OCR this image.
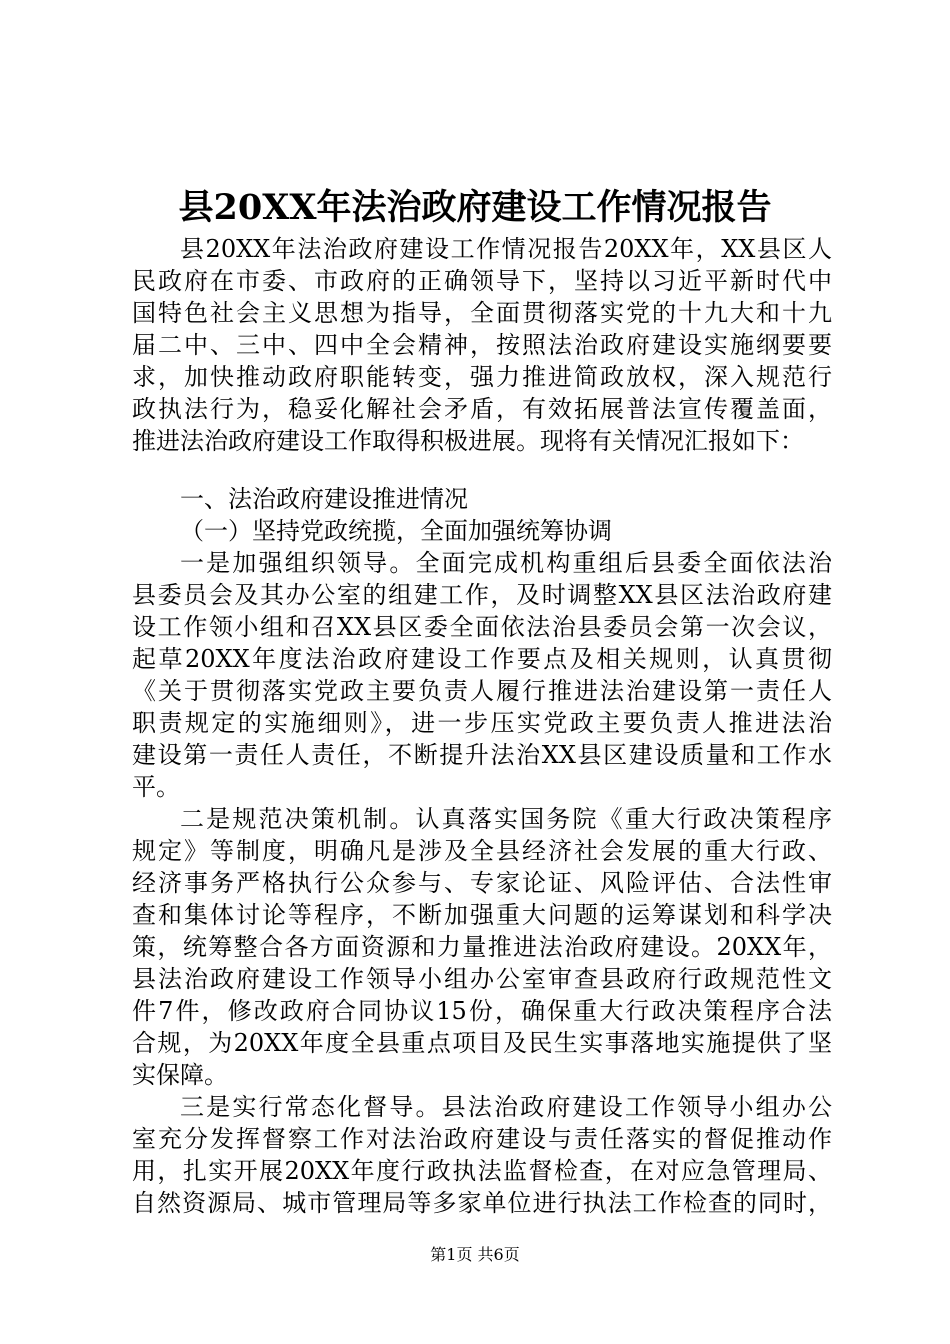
县20XX年法治政府建设工作情况报告
县20XX年法治政府建设工作情况报告20XX年，XX县区人
民政府在市委、市政府的正确领导下，坚持以习近平新时代中
国特色社会主义思想为指导，全面贯彻落实党的十九大和十九
届二中、三中、四中全会精神，按照法治政府建设实施纲要要
求，加快推动政府职能转变，强力推进简政放权，深入规范行
政执法行为，稳妥化解社会矛盾，有效拓展普法宣传覆盖面，
推进法治政府建设工作取得积极进展。现将有关情况汇报如下：
一、法治政府建设推进情况
（一）坚持党政统揽，全面加强统筹协调
一是加强组织领导。全面完成机构重组后县委全面依法治
县委员会及其办公室的组建工作，及时调整XX县区法治政府建
设工作领小组和召XX县区委全面依法治县委员会第一次会议，
起草20XX年度法治政府建设工作要点及相关规则，认真贯彻
《关于贯彻落实党政主要负责人履行推进法治建设第一责任人
职责规定的实施细则》，进一步压实党政主要负责人推进法治
建设第一责任人责任，不断提升法治XX县区建设质量和工作水
平。
二是规范决策机制。认真落实国务院《重大行政决策程序
规定》等制度，明确凡是涉及全县经济社会发展的重大行政、
经济事务严格执行公众参与、专家论证、风险评估、合法性审
查和集体讨论等程序，不断加强重大问题的运筹谋划和科学决
策，统筹整合各方面资源和力量推进法治政府建设。20XX年，
县法治政府建设工作领导小组办公室审查县政府行政规范性文
件7件，修改政府合同协议15份，确保重大行政决策程序合法
合规，为20XX年度全县重点项目及民生实事落地实施提供了坚
实保障。
三是实行常态化督导。县法治政府建设工作领导小组办公
室充分发挥督察工作对法治政府建设与责任落实的督促推动作
用，扎实开展20XX年度行政执法监督检查，在对应急管理局、
自然资源局、城市管理局等多家单位进行执法工作检查的同时，
第1页 共6页
